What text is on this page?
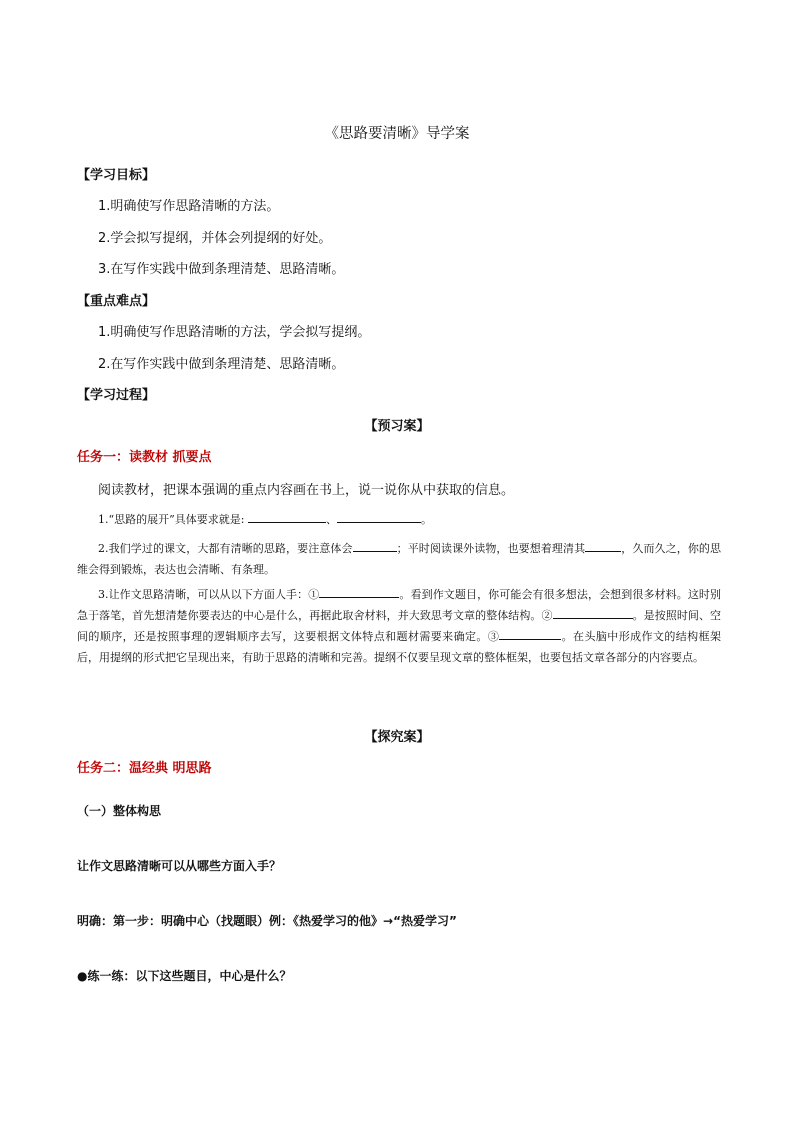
《思路要清晰》导学案
【学习目标】
1.明确使写作思路清晰的方法。
2.学会拟写提纲，并体会列提纲的好处。
3.在写作实践中做到条理清楚、思路清晰。
【重点难点】
1.明确使写作思路清晰的方法，学会拟写提纲。
2.在写作实践中做到条理清楚、思路清晰。
【学习过程】
【预习案】
任务一：读教材 抓要点
阅读教材，把课本强调的重点内容画在书上，说一说你从中获取的信息。
1.“思路的展开”具体要求就是:	、	。
2.我们学过的课文，大都有清晰的思路，要注意体会	；平时阅读课外读物，也要想着理清其	，久而久之，你的思维会得到锻炼，表达也会清晰、有条理。
3.让作文思路清晰，可以从以下方面人手：①	。看到作文题目，你可能会有很多想法，会想到很多材料。这时别急于落笔，首先想清楚你要表达的中心是什么，再据此取舍材料，并大致思考文章的整体结构。②	。是按照时间、空间的顺序，还是按照事理的逻辑顺序去写，这要根据文体特点和题材需要来确定。③	。在头脑中形成作文的结构框架后，用提纲的形式把它呈现出来，有助于思路的清晰和完善。提纲不仅要呈现文章的整体框架，也要包括文章各部分的内容要点。
【探究案】
任务二：温经典 明思路
（一）整体构思
让作文思路清晰可以从哪些方面入手？
明确：第一步：明确中心（找题眼）例：《热爱学习的他》→“热爱学习”
●练一练：以下这些题目，中心是什么？
